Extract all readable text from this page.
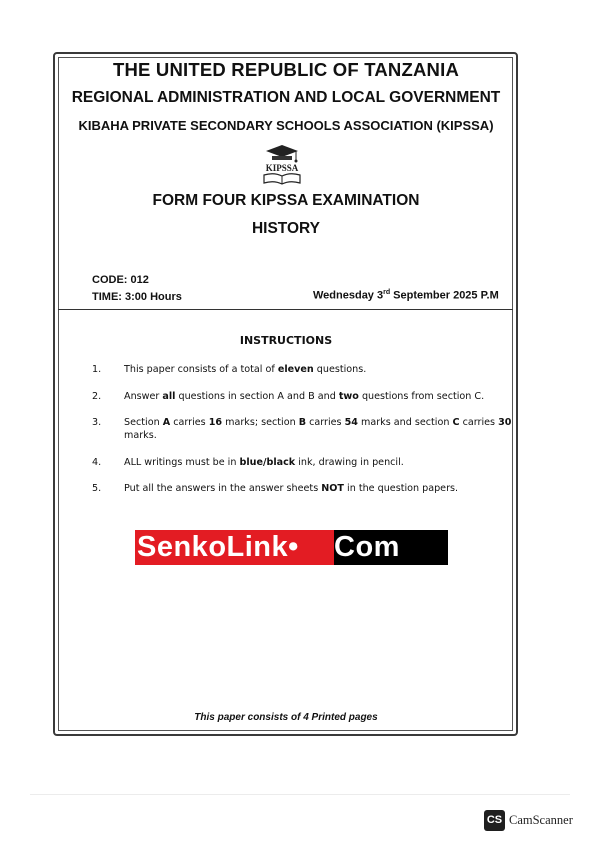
THE UNITED REPUBLIC OF TANZANIA
REGIONAL ADMINISTRATION AND LOCAL GOVERNMENT
KIBAHA PRIVATE SECONDARY SCHOOLS ASSOCIATION (KIPSSA)
KIPSSA
FORM FOUR KIPSSA EXAMINATION
HISTORY
CODE: 012
TIME: 3:00 Hours	Wednesday 3rd September 2025 P.M
INSTRUCTIONS
1. This paper consists of a total of eleven questions.
2. Answer all questions in section A and B and two questions from section C.
3. Section A carries 16 marks; section B carries 54 marks and section C carries 30 marks.
4. ALL writings must be in blue/black ink, drawing in pencil.
5. Put all the answers in the answer sheets NOT in the question papers.
SenkoLink•	Com
This paper consists of 4 Printed pages
CS CamScanner
